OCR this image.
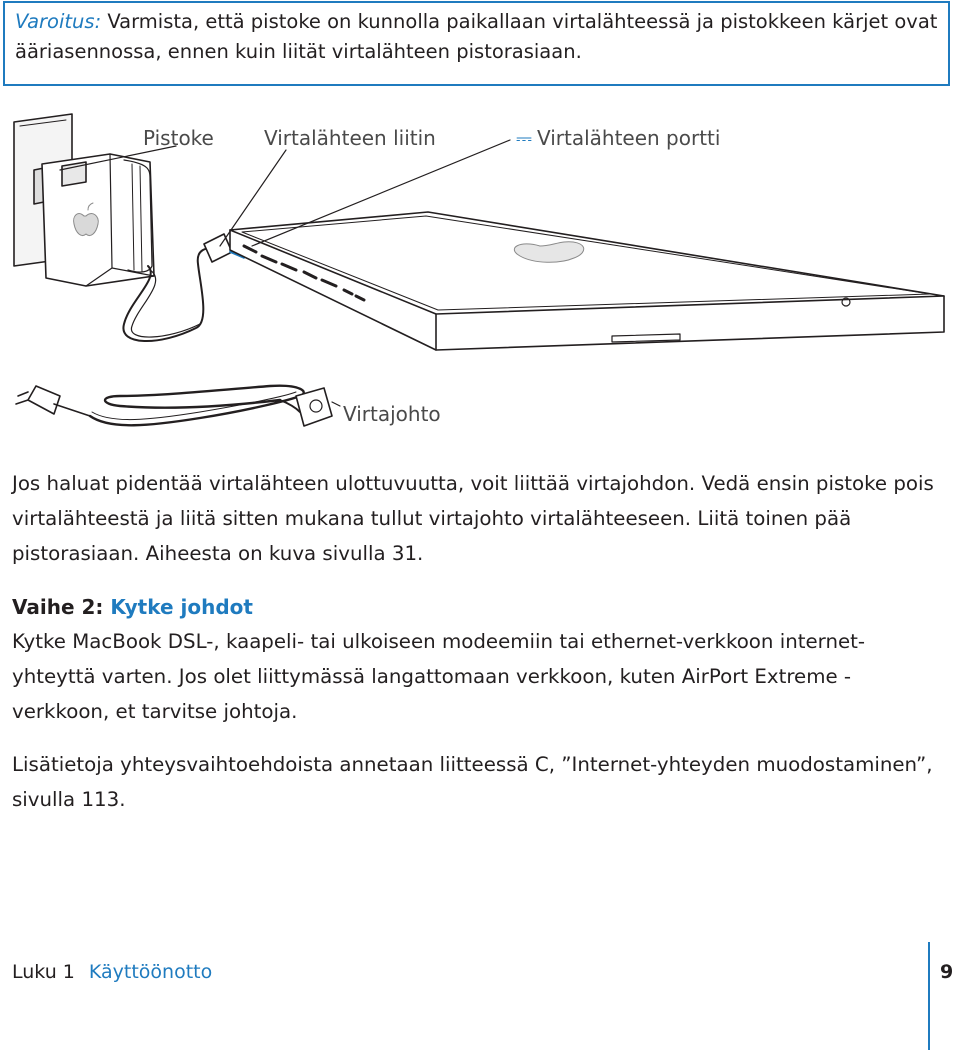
Varoitus: Varmista, että pistoke on kunnolla paikallaan virtalähteessä ja pistokkeen kärjet ovat ääriasennossa, ennen kuin liität virtalähteen pistorasiaan.
Pistoke	Virtalähteen liitin	⎓ Virtalähteen portti
Virtajohto

Jos haluat pidentää virtalähteen ulottuvuutta, voit liittää virtajohdon. Vedä ensin pistoke pois virtalähteestä ja liitä sitten mukana tullut virtajohto virtalähteeseen. Liitä toinen pää pistorasiaan. Aiheesta on kuva sivulla 31.

Vaihe 2: Kytke johdot

Kytke MacBook DSL-, kaapeli- tai ulkoiseen modeemiin tai ethernet-verkkoon internet-yhteyttä varten. Jos olet liittymässä langattomaan verkkoon, kuten AirPort Extreme -verkkoon, et tarvitse johtoja.

Lisätietoja yhteysvaihtoehdoista annetaan liitteessä C, ”Internet-yhteyden muodostaminen”, sivulla 113.

Luku 1 Käyttöönotto	9
